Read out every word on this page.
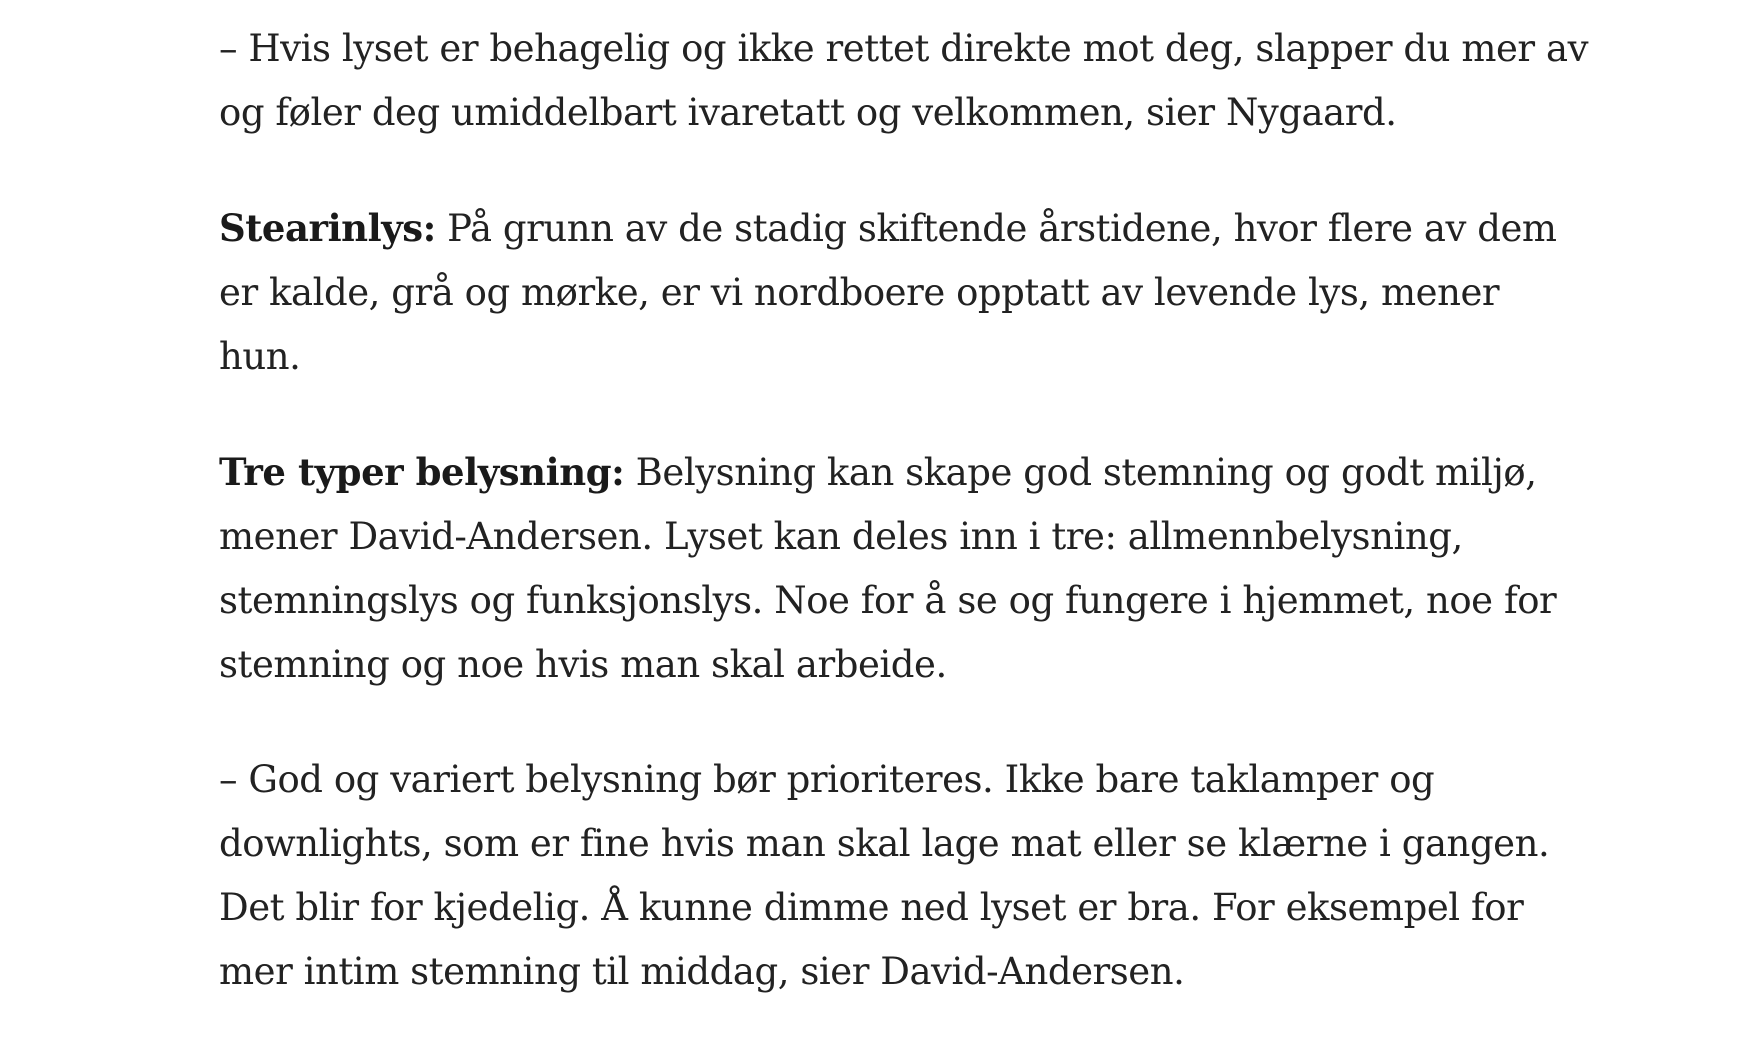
– Hvis lyset er behagelig og ikke rettet direkte mot deg, slapper du mer av og føler deg umiddelbart ivaretatt og velkommen, sier Nygaard.

Stearinlys: På grunn av de stadig skiftende årstidene, hvor flere av dem er kalde, grå og mørke, er vi nordboere opptatt av levende lys, mener hun.

Tre typer belysning: Belysning kan skape god stemning og godt miljø, mener David-Andersen. Lyset kan deles inn i tre: allmennbelysning, stemningslys og funksjonslys. Noe for å se og fungere i hjemmet, noe for stemning og noe hvis man skal arbeide.

– God og variert belysning bør prioriteres. Ikke bare taklamper og downlights, som er fine hvis man skal lage mat eller se klærne i gangen. Det blir for kjedelig. Å kunne dimme ned lyset er bra. For eksempel for mer intim stemning til middag, sier David-Andersen.
